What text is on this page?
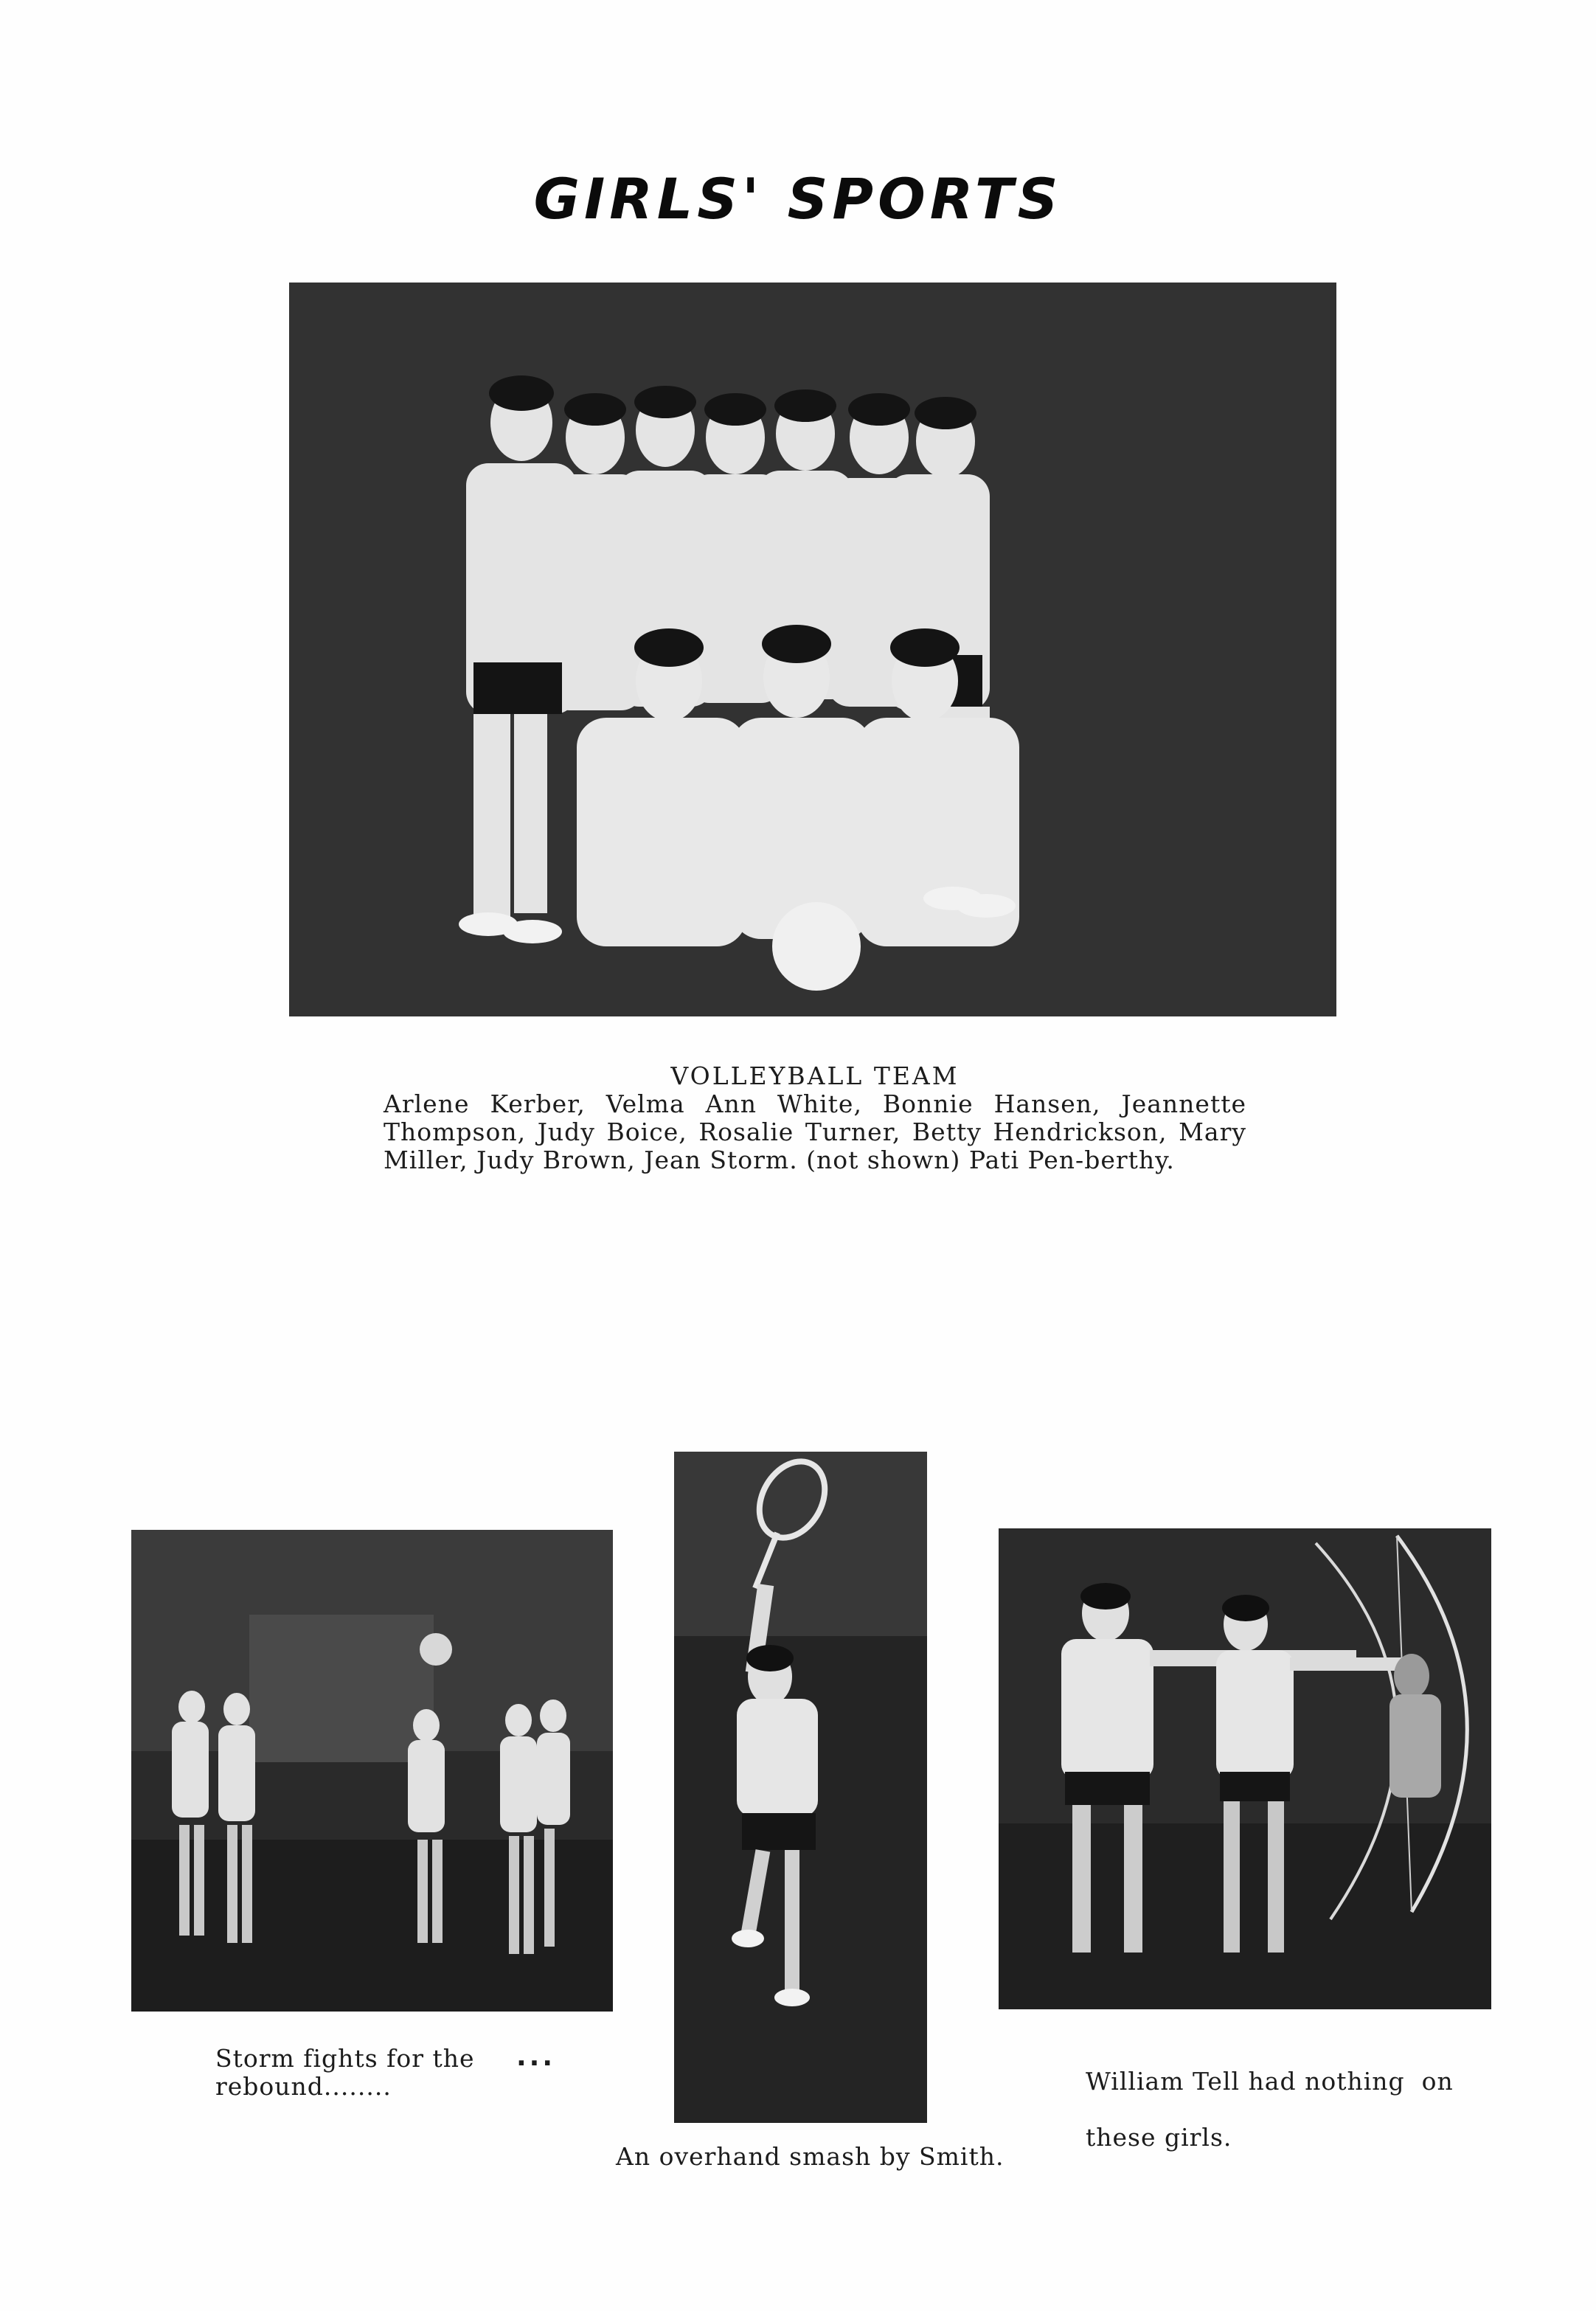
GIRLS' SPORTS
VOLLEYBALL TEAM
Arlene Kerber, Velma Ann White, Bonnie Hansen, Jeannette Thompson, Judy Boice, Rosalie Turner, Betty Hendrickson, Mary Miller, Judy Brown, Jean Storm. (not shown) Pati Pen-berthy.
Storm fights for the
rebound........
...
An overhand smash by Smith.

William Tell had nothing  on

these girls.
